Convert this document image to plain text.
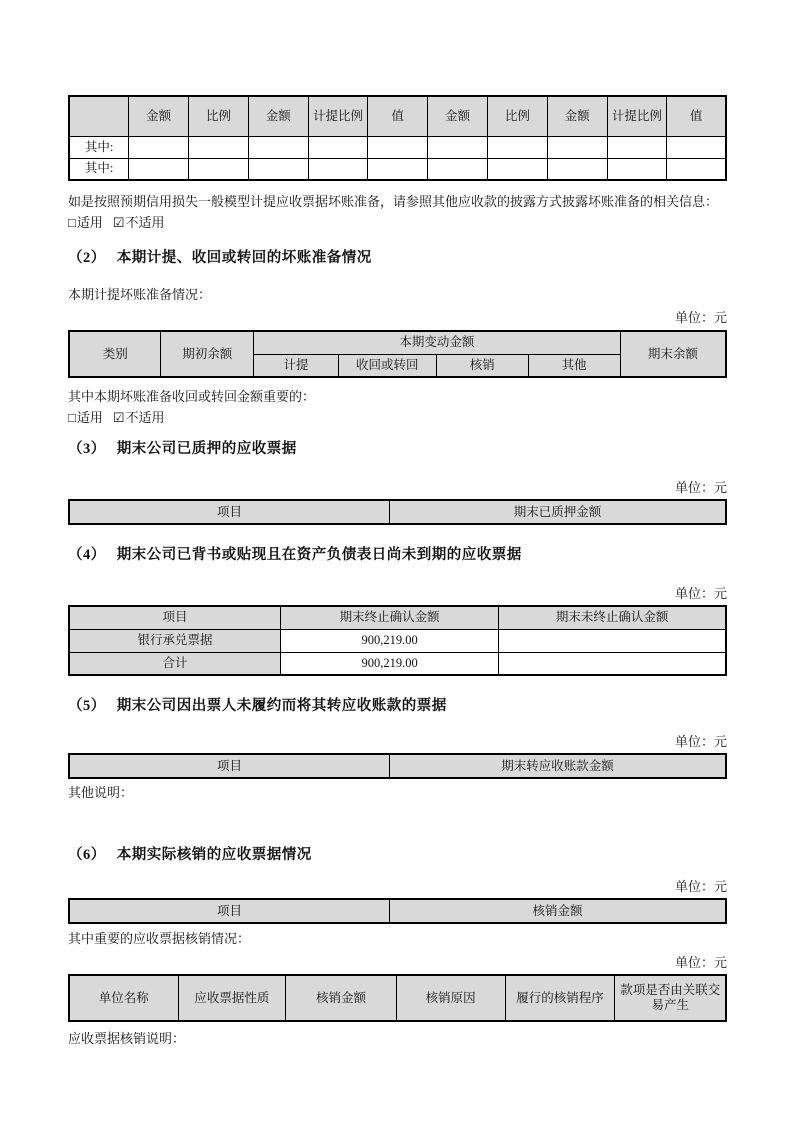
	金额	比例	金额	计提比例	值	金额	比例	金额	计提比例	值
其中:										
其中:										

如是按照预期信用损失一般模型计提应收票据坏账准备，请参照其他应收款的披露方式披露坏账准备的相关信息：

□适用 ☑不适用

（2） 本期计提、收回或转回的坏账准备情况

本期计提坏账准备情况：

单位：元

类别	期初余额	本期变动金额				期末余额
		计提	收回或转回	核销	其他	

其中本期坏账准备收回或转回金额重要的：

□适用 ☑不适用

（3） 期末公司已质押的应收票据

单位：元

项目	期末已质押金额

（4） 期末公司已背书或贴现且在资产负债表日尚未到期的应收票据

单位：元

项目	期末终止确认金额	期末未终止确认金额
银行承兑票据	900,219.00	
合计	900,219.00	

（5） 期末公司因出票人未履约而将其转应收账款的票据

单位：元

项目	期末转应收账款金额

其他说明：

（6） 本期实际核销的应收票据情况

单位：元

项目	核销金额

其中重要的应收票据核销情况：

单位：元

单位名称	应收票据性质	核销金额	核销原因	履行的核销程序	款项是否由关联交易产生

应收票据核销说明：
